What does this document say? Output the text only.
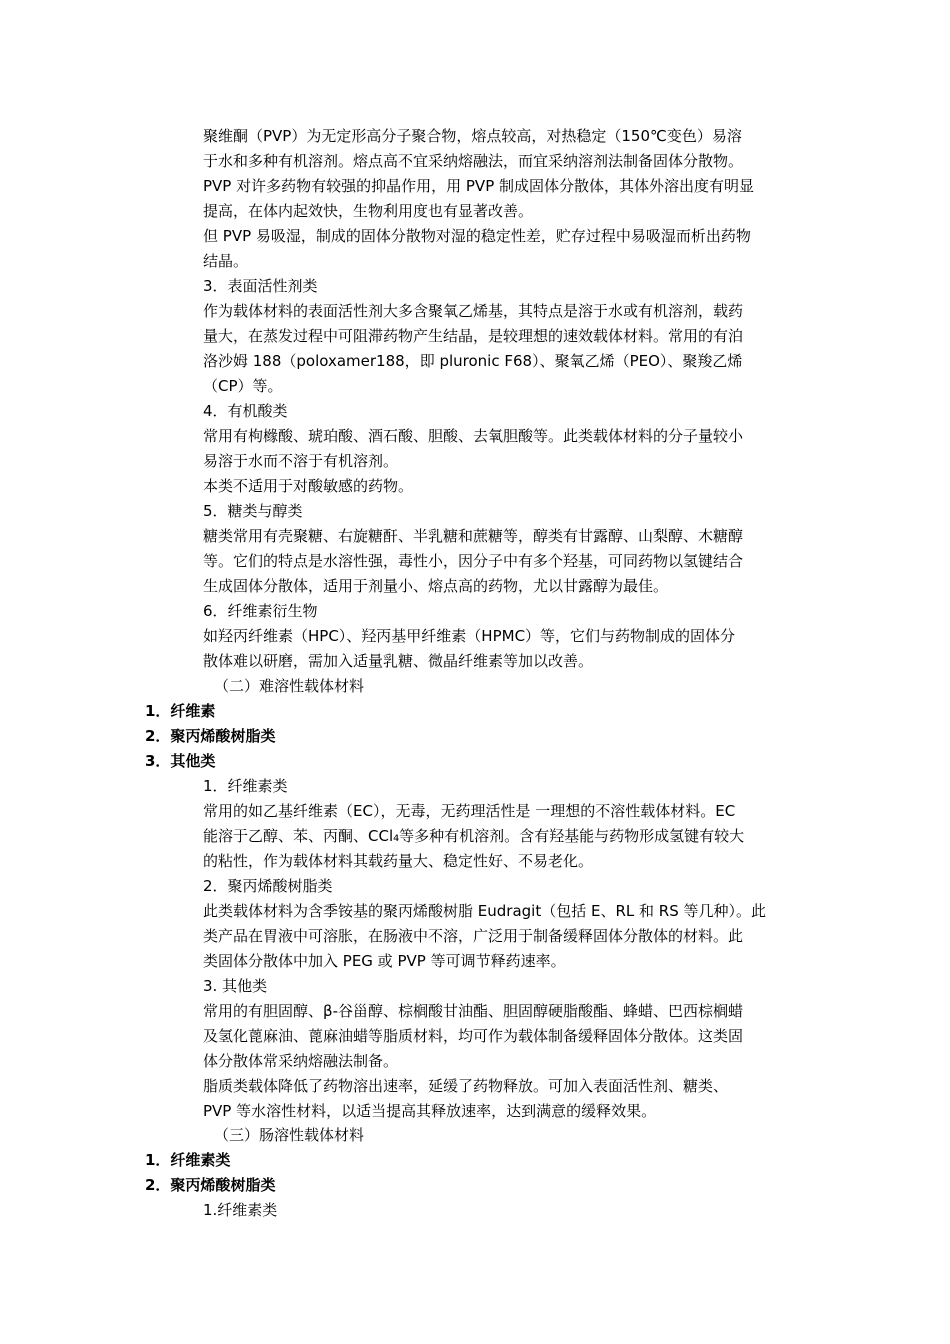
聚维酮（PVP）为无定形高分子聚合物，熔点较高，对热稳定（150℃变色）易溶

于水和多种有机溶剂。熔点高不宜采纳熔融法，而宜采纳溶剂法制备固体分散物。

PVP 对许多药物有较强的抑晶作用，用 PVP 制成固体分散体，其体外溶出度有明显

提高，在体内起效快，生物利用度也有显著改善。

但 PVP 易吸湿，制成的固体分散物对湿的稳定性差，贮存过程中易吸湿而析出药物

结晶。

3．表面活性剂类

作为载体材料的表面活性剂大多含聚氧乙烯基，其特点是溶于水或有机溶剂，载药

量大，在蒸发过程中可阻滞药物产生结晶，是较理想的速效载体材料。常用的有泊

洛沙姆 188（poloxamer188，即 pluronic F68）、聚氧乙烯（PEO）、聚羧乙烯

（CP）等。

4．有机酸类

常用有枸橼酸、琥珀酸、酒石酸、胆酸、去氧胆酸等。此类载体材料的分子量较小

易溶于水而不溶于有机溶剂。

本类不适用于对酸敏感的药物。

5．糖类与醇类

糖类常用有壳聚糖、右旋糖酐、半乳糖和蔗糖等，醇类有甘露醇、山梨醇、木糖醇

等。它们的特点是水溶性强，毒性小，因分子中有多个羟基，可同药物以氢键结合

生成固体分散体，适用于剂量小、熔点高的药物，尤以甘露醇为最佳。

6．纤维素衍生物

如羟丙纤维素（HPC）、羟丙基甲纤维素（HPMC）等，它们与药物制成的固体分

散体难以研磨，需加入适量乳糖、微晶纤维素等加以改善。

（二）难溶性载体材料

1．纤维素

2．聚丙烯酸树脂类

3．其他类

1．纤维素类

常用的如乙基纤维素（EC），无毒，无药理活性是 一理想的不溶性载体材料。EC

能溶于乙醇、苯、丙酮、CCl₄等多种有机溶剂。含有羟基能与药物形成氢键有较大

的粘性，作为载体材料其载药量大、稳定性好、不易老化。

2．聚丙烯酸树脂类

此类载体材料为含季铵基的聚丙烯酸树脂 Eudragit（包括 E、RL 和 RS 等几种）。此

类产品在胃液中可溶胀，在肠液中不溶，广泛用于制备缓释固体分散体的材料。此

类固体分散体中加入 PEG 或 PVP 等可调节释药速率。

3. 其他类

常用的有胆固醇、β-谷甾醇、棕榈酸甘油酯、胆固醇硬脂酸酯、蜂蜡、巴西棕榈蜡

及氢化蓖麻油、蓖麻油蜡等脂质材料，均可作为载体制备缓释固体分散体。这类固

体分散体常采纳熔融法制备。

脂质类载体降低了药物溶出速率，延缓了药物释放。可加入表面活性剂、糖类、

PVP 等水溶性材料，以适当提高其释放速率，达到满意的缓释效果。

（三）肠溶性载体材料

1．纤维素类

2．聚丙烯酸树脂类

1.纤维素类
